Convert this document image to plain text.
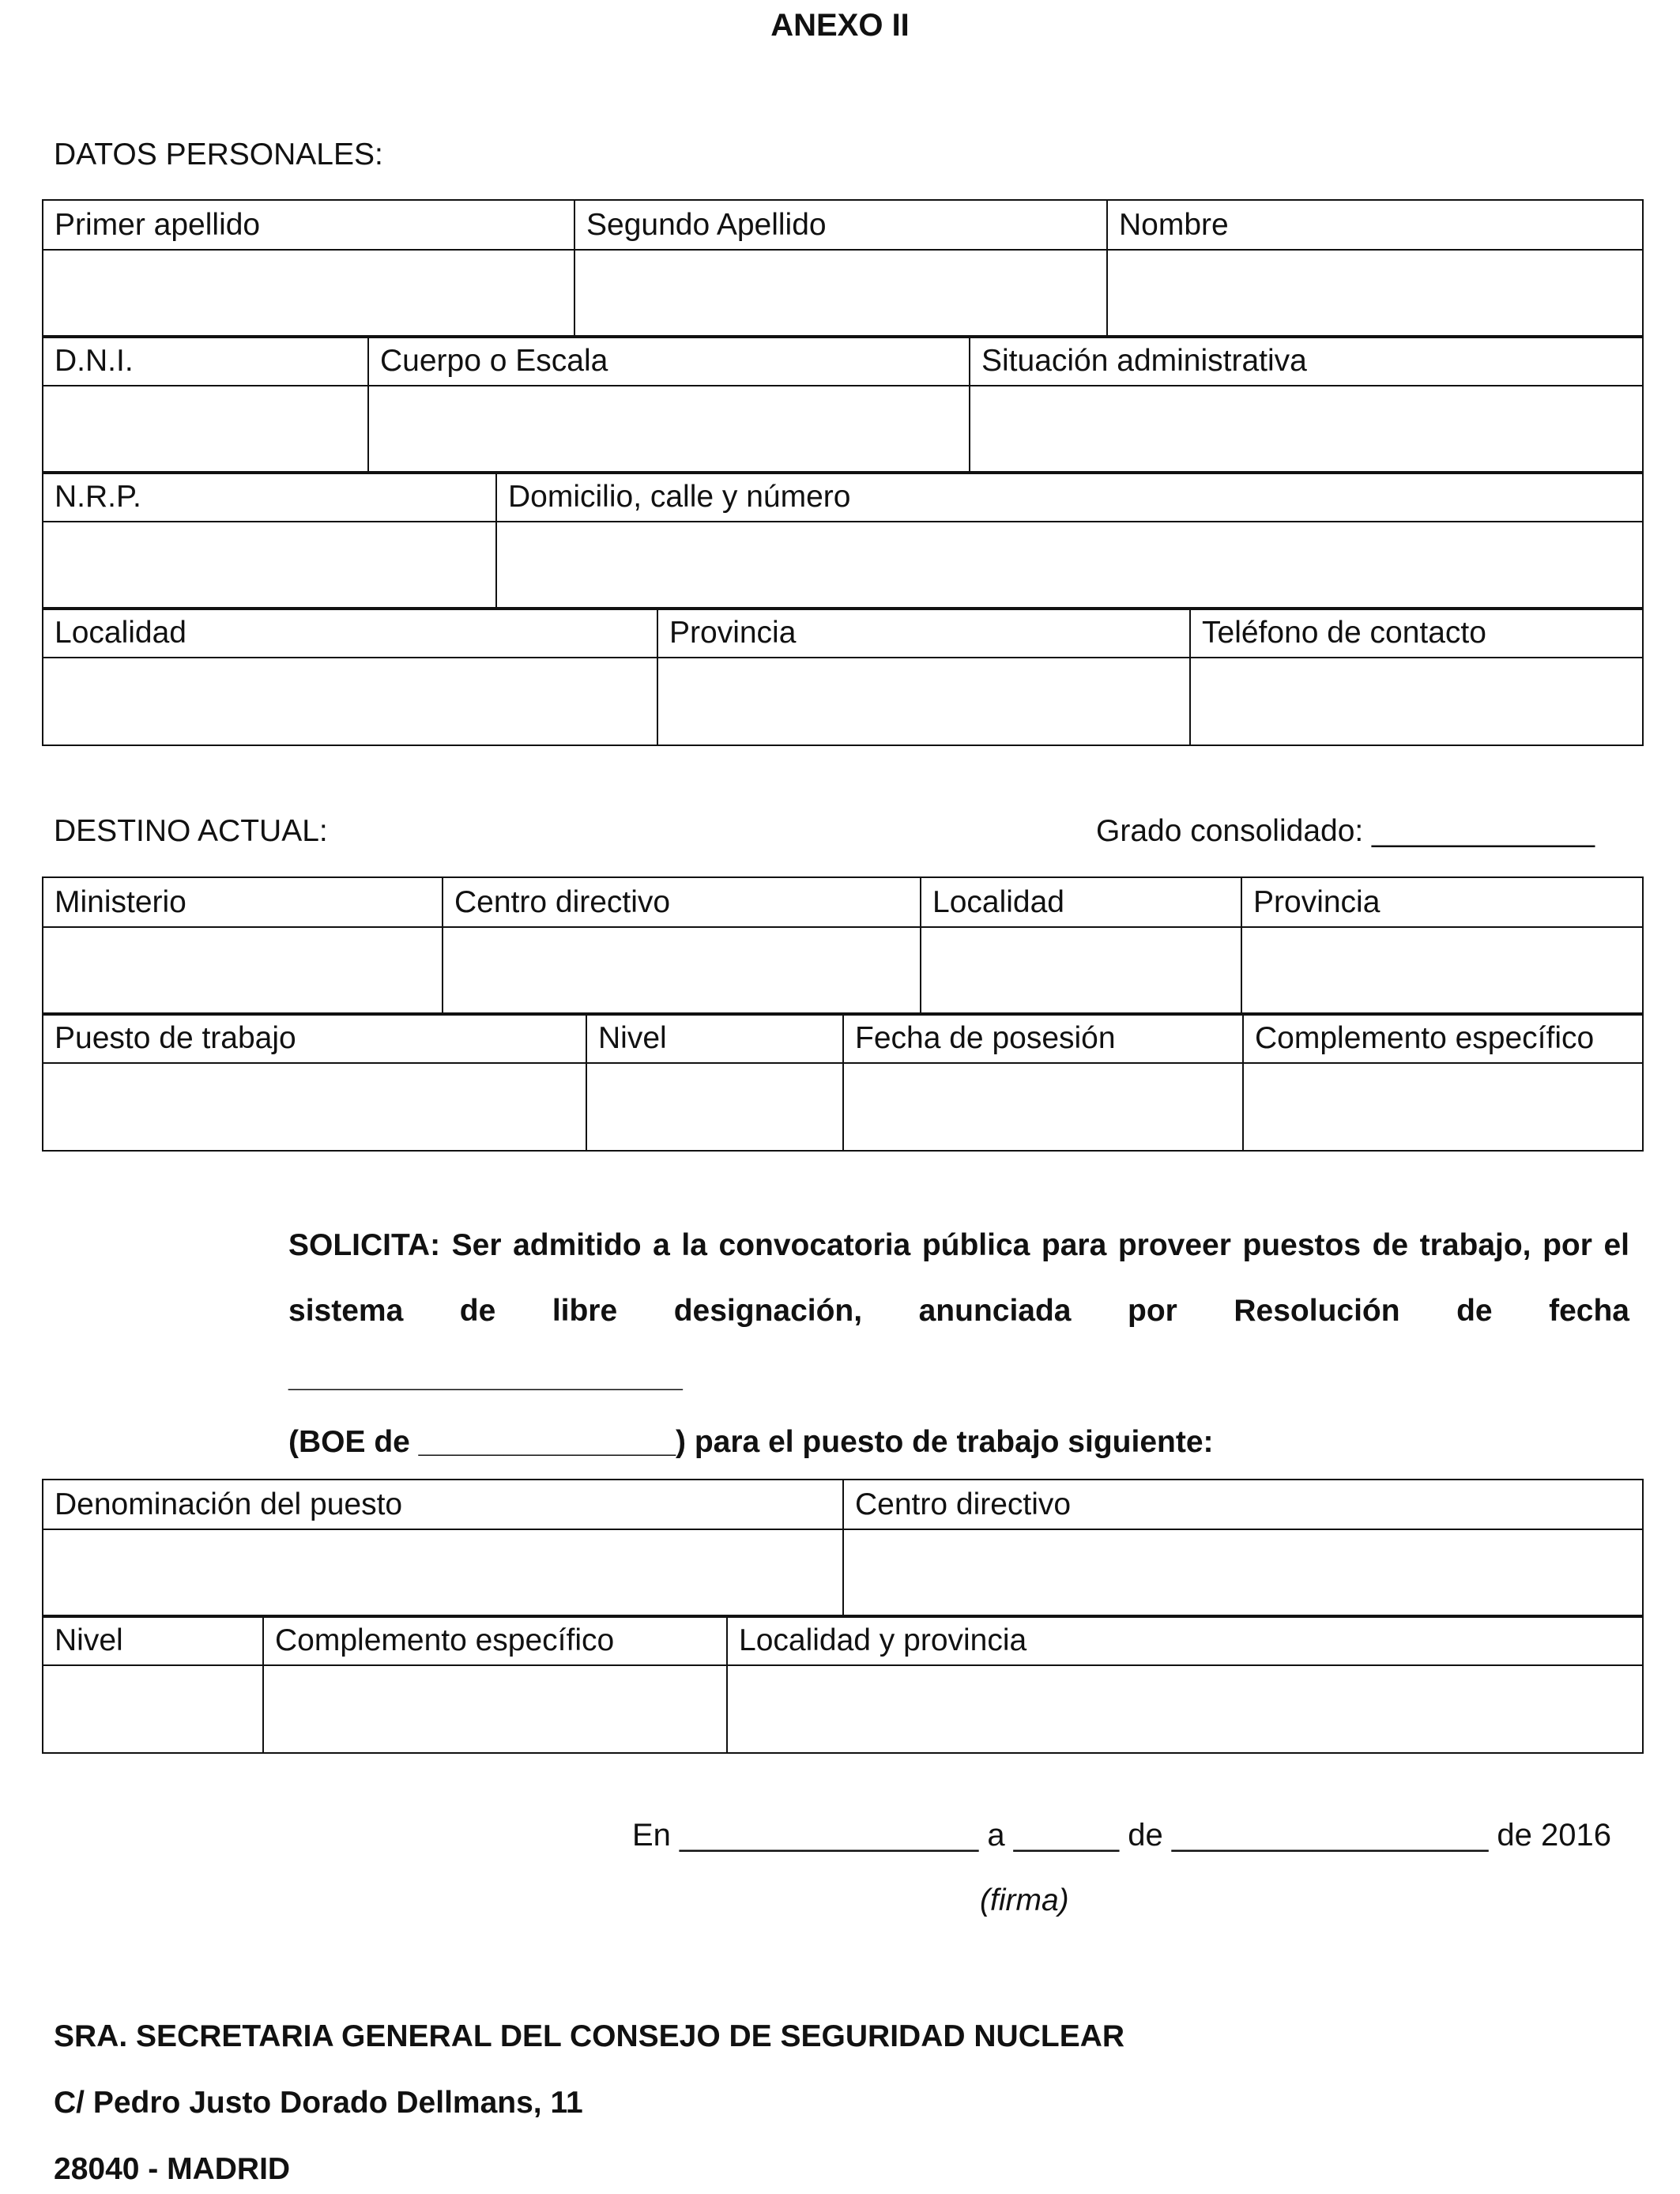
ANEXO II
DATOS PERSONALES:
Primer apellido	Segundo Apellido	Nombre

D.N.I.	Cuerpo o Escala	Situación administrativa

N.R.P.	Domicilio, calle y número

Localidad	Provincia	Teléfono de contacto

DESTINO ACTUAL:	Grado consolidado: _____________
Ministerio	Centro directivo	Localidad	Provincia

Puesto de trabajo	Nivel	Fecha de posesión	Complemento específico

SOLICITA: Ser admitido a la convocatoria pública para proveer puestos de trabajo, por el
sistema de libre designación, anunciada por Resolución de fecha _______________________
(BOE de _______________) para el puesto de trabajo siguiente:
Denominación del puesto	Centro directivo

Nivel	Complemento específico	Localidad y provincia

En _________________ a ______ de __________________ de 2016
(firma)
SRA. SECRETARIA GENERAL DEL CONSEJO DE SEGURIDAD NUCLEAR
C/ Pedro Justo Dorado Dellmans, 11
28040 - MADRID
